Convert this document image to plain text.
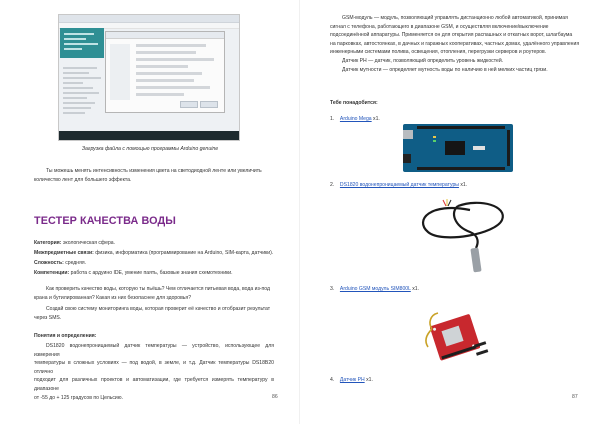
Загрузка файла с помощью программы Arduino genuine
Ты можешь менять интенсивность изменения цвета на светодиодной ленте или увеличить
количество лент для большего эффекта.
ТЕСТЕР КАЧЕСТВА ВОДЫ
Категория: экологическая сфера.
Межпредметные связи: физика, информатика (программирование на Arduino, SIM-карта, датчики).
Сложность: средняя.
Компетенции: работа с ардуино IDE, умение паять, базовые знания схемотехники.
Как проверить качество воды, которую ты пьёшь? Чем отличается питьевая вода, вода из-под
крана и бутилированная? Какая из них безопаснее для здоровья?
Создай свою систему мониторинга воды, которая проверит её качество и отобразит результат
через SMS.
Понятия и определения:
DS1820 водонепроницаемый датчик температуры — устройство, использующее для измерения
температуры в сложных условиях — под водой, в земле, и т.д. Датчик температуры DS18B20 отлично
подходит для различных проектов и автоматизации, где требуется измерять температуру в диапазоне
от -55 до + 125 градусов по Цельсию.	86
GSM-модуль — модуль, позволяющий управлять дистанционно любой автоматикой, принимая
сигнал с телефона, работающего в диапазоне GSM, и осуществляя включение/выключение
подсоединённой аппаратуры. Применяется он для открытия распашных и откатных ворот, шлагбаума
на парковках, автостоянках, в дачных и гаражных кооперативах, частных домах, удалённого управления
инженерными системами полива, освещения, отопления, перегрузки серверов и роутеров.
Датчик PH — датчик, позволяющий определить уровень жидкостей.
Датчик мутности — определяет мутность воды по наличию в ней мелких частиц грязи.
Тебе понадобится:
1. Arduino Mega x1.
2. DS1820 водонепроницаемый датчик температуры x1.
3. Arduino GSM модуль SIM800L x1.
4. Датчик PH x1.
87
